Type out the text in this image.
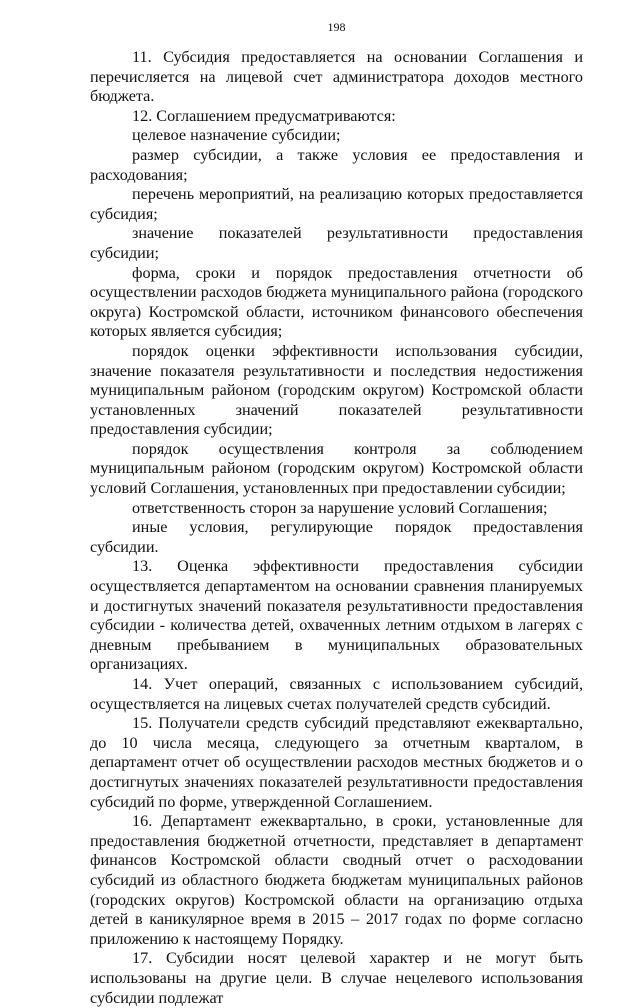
198

11. Субсидия предоставляется на основании Соглашения и перечисляется на лицевой счет администратора доходов местного бюджета.

12. Соглашением предусматриваются:

целевое назначение субсидии;

размер субсидии, а также условия ее предоставления и расходования;

перечень мероприятий, на реализацию которых предоставляется субсидия;

значение показателей результативности предоставления субсидии;

форма, сроки и порядок предоставления отчетности об осуществлении расходов бюджета муниципального района (городского округа) Костромской области, источником финансового обеспечения которых является субсидия;

порядок оценки эффективности использования субсидии, значение показателя результативности и последствия недостижения муниципальным районом (городским округом) Костромской области установленных значений показателей результативности предоставления субсидии;

порядок осуществления контроля за соблюдением муниципальным районом (городским округом) Костромской области условий Соглашения, установленных при предоставлении субсидии;

ответственность сторон за нарушение условий Соглашения;

иные условия, регулирующие порядок предоставления субсидии.

13. Оценка эффективности предоставления субсидии осуществляется департаментом на основании сравнения планируемых и достигнутых значений показателя результативности предоставления субсидии - количества детей, охваченных летним отдыхом в лагерях с дневным пребыванием в муниципальных образовательных организациях.

14. Учет операций, связанных с использованием субсидий, осуществляется на лицевых счетах получателей средств субсидий.

15. Получатели средств субсидий представляют ежеквартально, до 10 числа месяца, следующего за отчетным кварталом, в департамент отчет об осуществлении расходов местных бюджетов и о достигнутых значениях показателей результативности предоставления субсидий по форме, утвержденной Соглашением.

16. Департамент ежеквартально, в сроки, установленные для предоставления бюджетной отчетности, представляет в департамент финансов Костромской области сводный отчет о расходовании субсидий из областного бюджета бюджетам муниципальных районов (городских округов) Костромской области на организацию отдыха детей в каникулярное время в 2015 – 2017 годах по форме согласно приложению к настоящему Порядку.

17. Субсидии носят целевой характер и не могут быть использованы на другие цели. В случае нецелевого использования субсидии подлежат
